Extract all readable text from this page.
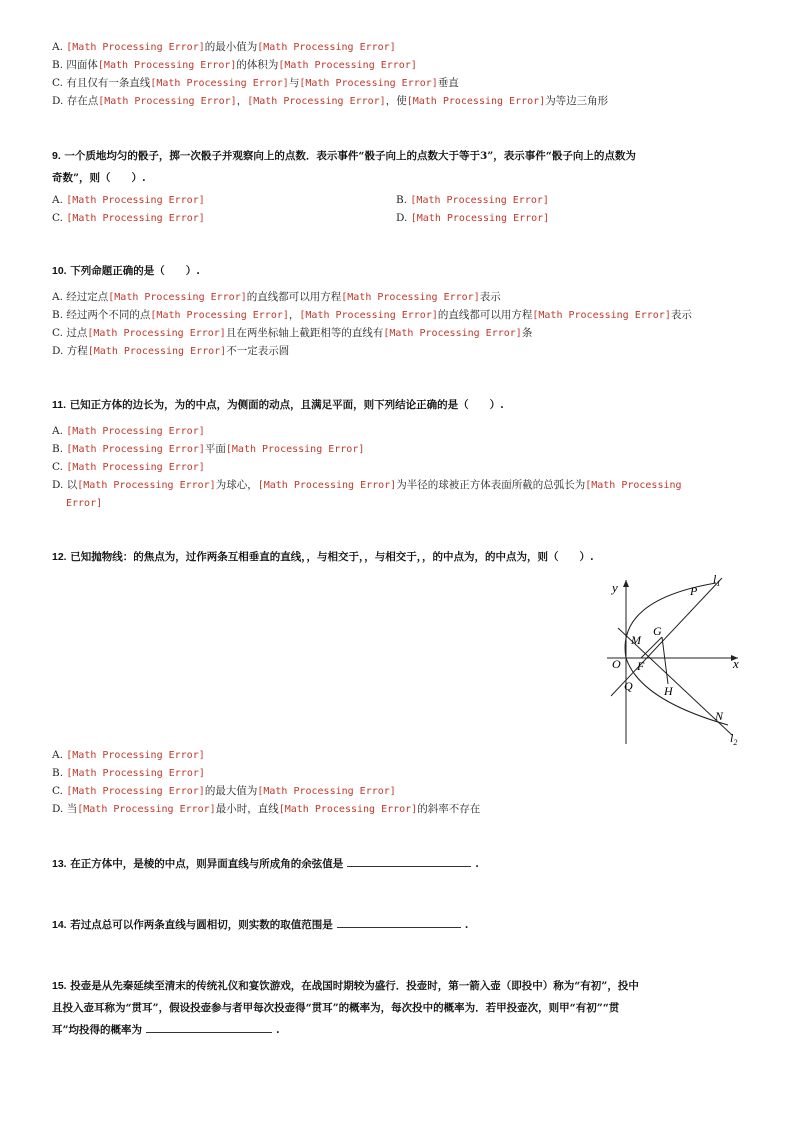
A. [Math Processing Error]的最小值为[Math Processing Error]
B. 四面体[Math Processing Error]的体积为[Math Processing Error]
C. 有且仅有一条直线[Math Processing Error]与[Math Processing Error]垂直
D. 存在点[Math Processing Error]，[Math Processing Error]，使[Math Processing Error]为等边三角形
9. 一个质地均匀的骰子，掷一次骰子并观察向上的点数．表示事件“骰子向上的点数大于等于3”，表示事件“骰子向上的点数为
奇数”，则（　　）.
A. [Math Processing Error]	B. [Math Processing Error]
C. [Math Processing Error]	D. [Math Processing Error]
10. 下列命题正确的是（　　）.
A. 经过定点[Math Processing Error]的直线都可以用方程[Math Processing Error]表示
B. 经过两个不同的点[Math Processing Error]，[Math Processing Error]的直线都可以用方程[Math Processing Error]表示
C. 过点[Math Processing Error]且在两坐标轴上截距相等的直线有[Math Processing Error]条
D. 方程[Math Processing Error]不一定表示圆
11. 已知正方体的边长为，为的中点，为侧面的动点，且满足平面，则下列结论正确的是（　　）.
A. [Math Processing Error]
B. [Math Processing Error]平面[Math Processing Error]
C. [Math Processing Error]
D. 以[Math Processing Error]为球心，[Math Processing Error]为半径的球被正方体表面所截的总弧长为[Math Processing
Error]
12. 已知抛物线：的焦点为，过作两条互相垂直的直线，，与相交于，，与相交于，，的中点为，的中点为，则（　　）.
y
x
O F
P
M
G
Q	H
N
$l_1$
$l_2$
A. [Math Processing Error]
B. [Math Processing Error]
C. [Math Processing Error]的最大值为[Math Processing Error]
D. 当[Math Processing Error]最小时，直线[Math Processing Error]的斜率不存在
13. 在正方体中，是棱的中点，则异面直线与所成角的余弦值是	.
14. 若过点总可以作两条直线与圆相切，则实数的取值范围是	.
15. 投壶是从先秦延续至清末的传统礼仪和宴饮游戏，在战国时期较为盛行．投壶时，第一箭入壶（即投中）称为“有初”，投中
且投入壶耳称为“贯耳”，假设投壶参与者甲每次投壶得“贯耳”的概率为，每次投中的概率为．若甲投壶次，则甲“有初”“贯
耳”均投得的概率为	.
